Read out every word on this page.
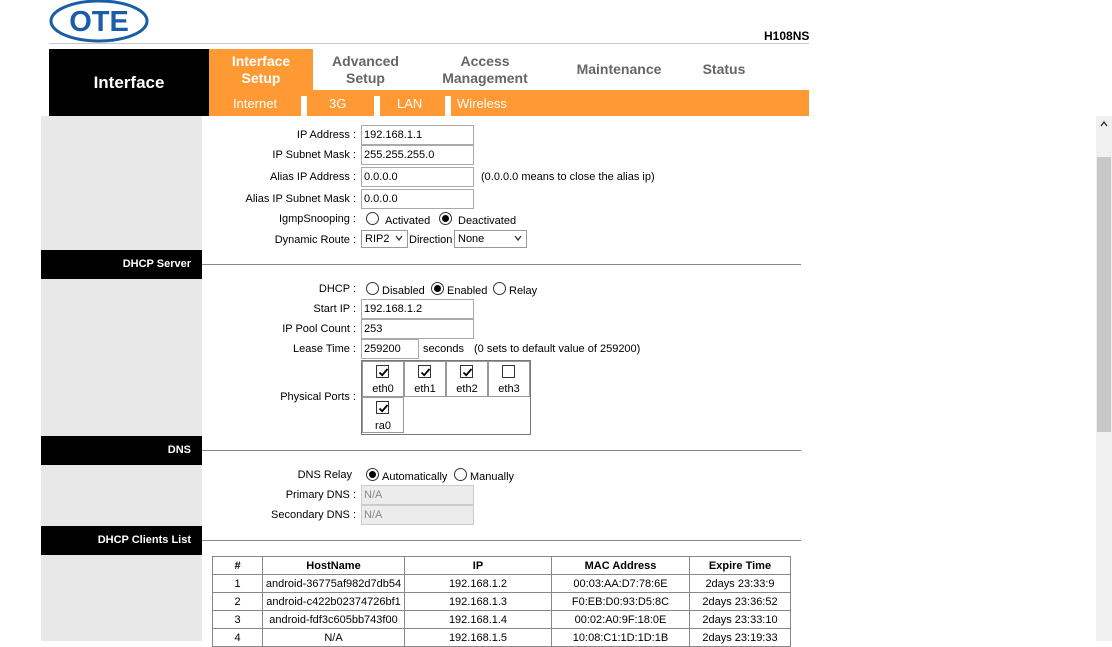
OTE	H108NS
Interface
Interface
Setup
Advanced
Setup
Access
Management
Maintenance	Status
Internet	3G	LAN	Wireless
IP Address : 192.168.1.1
IP Subnet Mask : 255.255.255.0
Alias IP Address : 0.0.0.0	(0.0.0.0 means to close the alias ip)
Alias IP Subnet Mask : 0.0.0.0
IgmpSnooping :	Activated	Deactivated
Dynamic Route : RIP2	Direction None
DHCP Server
DHCP : Disabled Enabled Relay
Start IP : 192.168.1.2
IP Pool Count : 253
Lease Time : 259200	seconds (0 sets to default value of 259200)
Physical Ports :
eth0	eth1	eth2	eth3
ra0
DNS
DNS Relay	Automatically Manually
Primary DNS : N/A
Secondary DNS : N/A
DHCP Clients List
#	HostName	IP	MAC Address	Expire Time
1	android-36775af982d7db54	192.168.1.2	00:03:AA:D7:78:6E	2days 23:33:9
2	android-c422b02374726bf1	192.168.1.3	F0:EB:D0:93:D5:8C	2days 23:36:52
3	android-fdf3c605bb743f00	192.168.1.4	00:02:A0:9F:18:0E	2days 23:33:10
4	N/A	192.168.1.5	10:08:C1:1D:1D:1B	2days 23:19:33
